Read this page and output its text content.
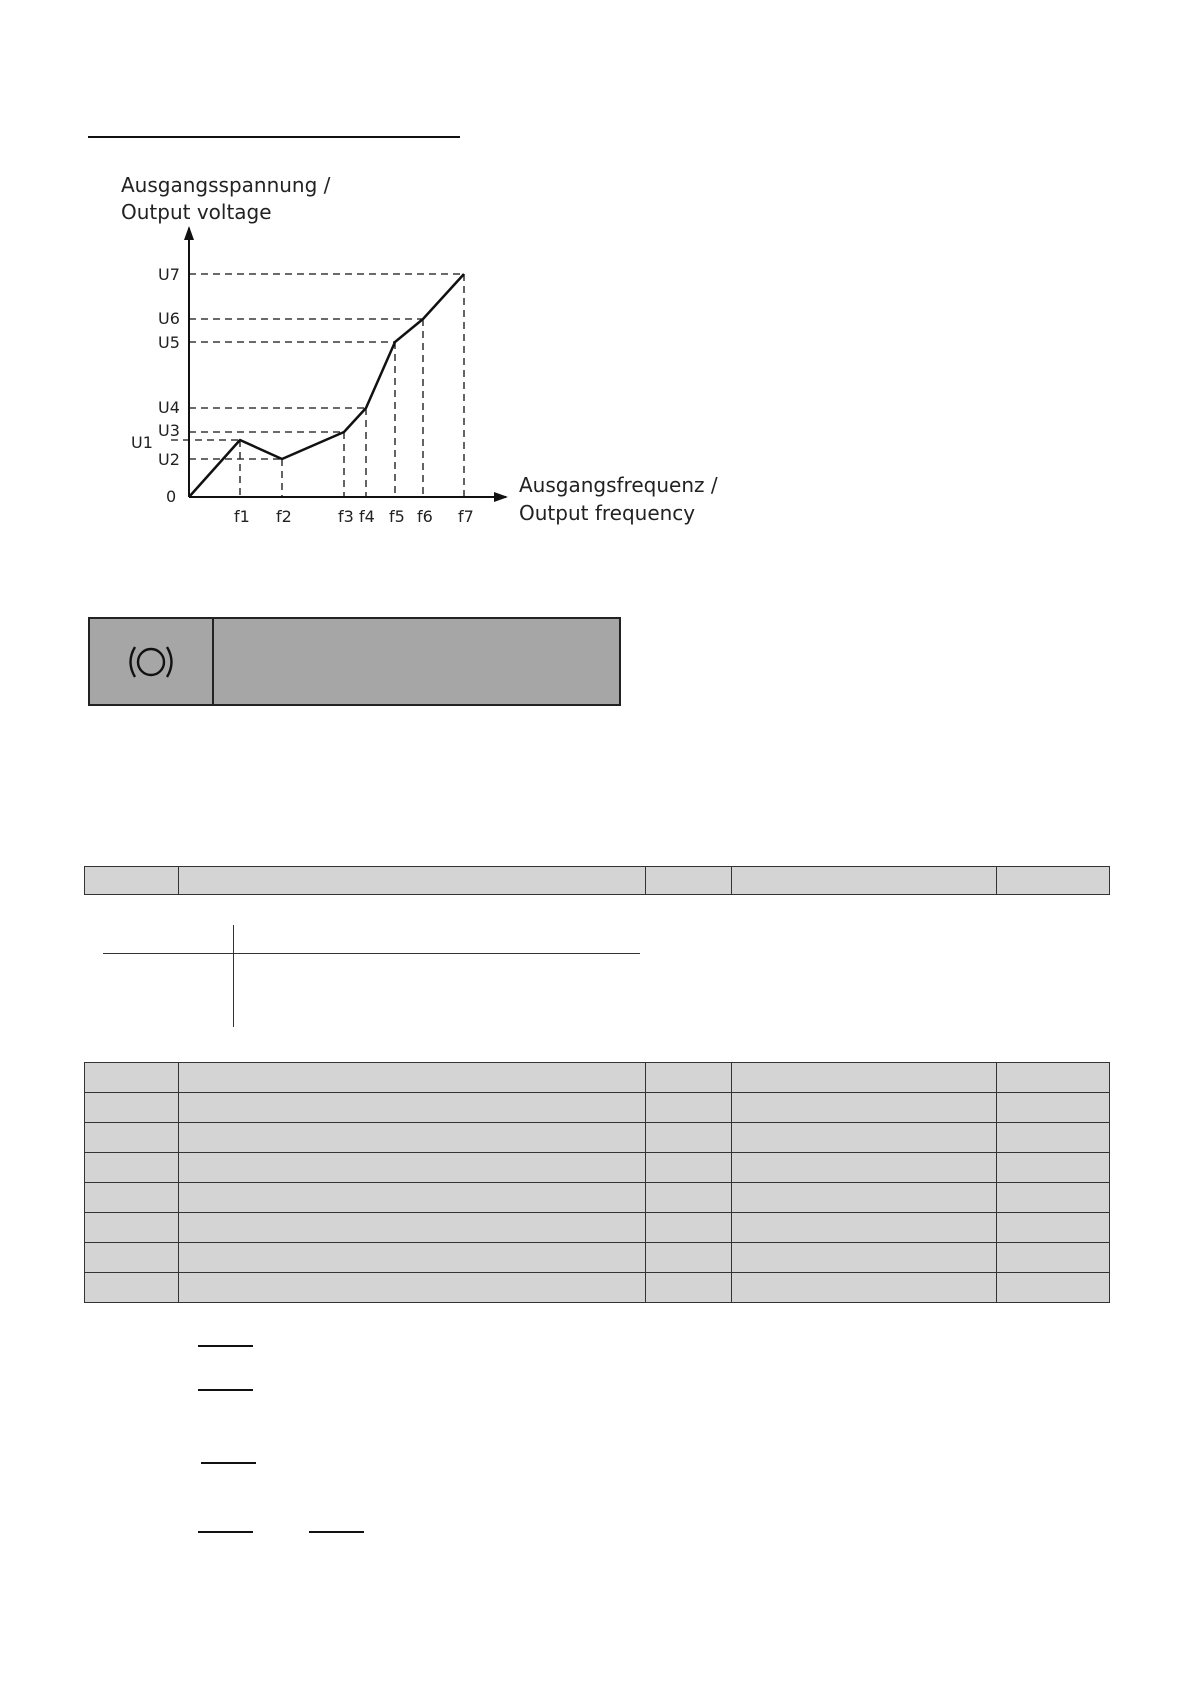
Ausgangsspannung /
Output voltage
Ausgangsfrequenz /
Output frequency
0
f1 f2	f3 f4 f5 f6 f7
U1
U2
U3
U4
U5
U6
U7
